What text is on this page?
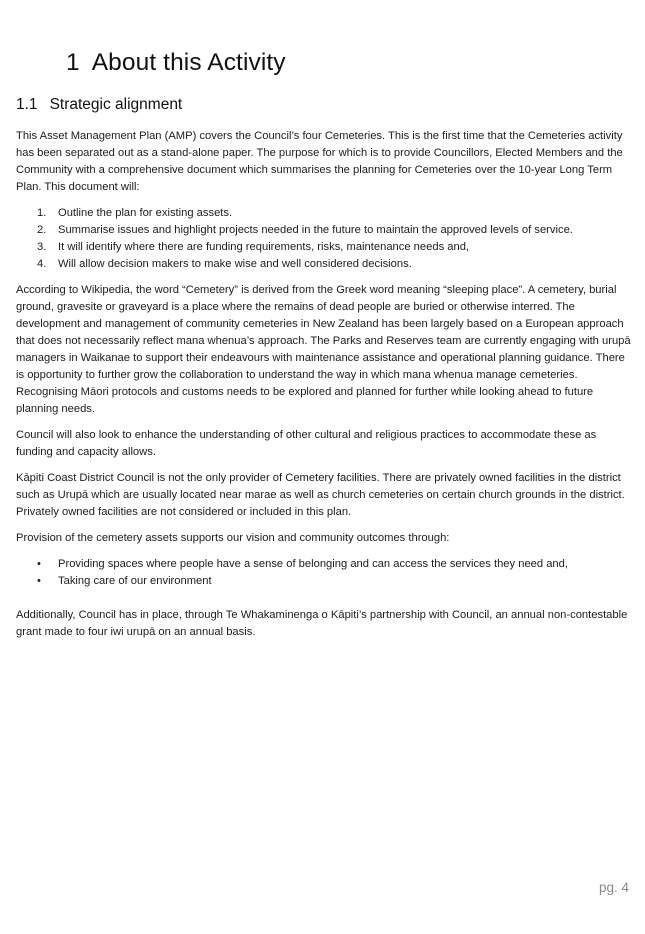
1 About this Activity
1.1 Strategic alignment

This Asset Management Plan (AMP) covers the Council’s four Cemeteries. This is the first time that the Cemeteries activity has been separated out as a stand-alone paper. The purpose for which is to provide Councillors, Elected Members and the Community with a comprehensive document which summarises the planning for Cemeteries over the 10-year Long Term Plan. This document will:

1. Outline the plan for existing assets.
2. Summarise issues and highlight projects needed in the future to maintain the approved levels of service.
3. It will identify where there are funding requirements, risks, maintenance needs and,
4. Will allow decision makers to make wise and well considered decisions.

According to Wikipedia, the word “Cemetery” is derived from the Greek word meaning “sleeping place”. A cemetery, burial ground, gravesite or graveyard is a place where the remains of dead people are buried or otherwise interred. The development and management of community cemeteries in New Zealand has been largely based on a European approach that does not necessarily reflect mana whenua’s approach. The Parks and Reserves team are currently engaging with urupā managers in Waikanae to support their endeavours with maintenance assistance and operational planning guidance. There is opportunity to further grow the collaboration to understand the way in which mana whenua manage cemeteries. Recognising Māori protocols and customs needs to be explored and planned for further while looking ahead to future planning needs.

Council will also look to enhance the understanding of other cultural and religious practices to accommodate these as funding and capacity allows.

Kāpiti Coast District Council is not the only provider of Cemetery facilities. There are privately owned facilities in the district such as Urupā which are usually located near marae as well as church cemeteries on certain church grounds in the district. Privately owned facilities are not considered or included in this plan.

Provision of the cemetery assets supports our vision and community outcomes through:

• Providing spaces where people have a sense of belonging and can access the services they need and,
• Taking care of our environment

Additionally, Council has in place, through Te Whakaminenga o Kāpiti’s partnership with Council, an annual non-contestable grant made to four iwi urupā on an annual basis.

pg. 4
